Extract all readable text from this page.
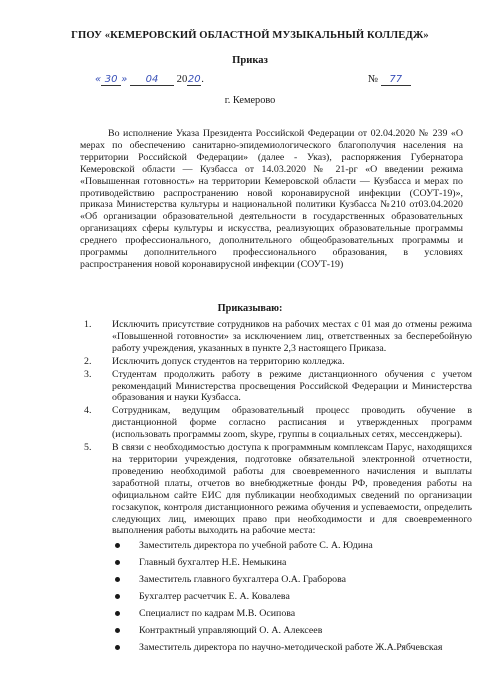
ГПОУ «КЕМЕРОВСКИЙ ОБЛАСТНОЙ МУЗЫКАЛЬНЫЙ КОЛЛЕДЖ»
Приказ
« 30 » 04 2020.	№ 77
г. Кемерово

Во исполнение Указа Президента Российской Федерации от 02.04.2020 № 239 «О мерах по обеспечению санитарно-эпидемиологического благополучия населения на территории Российской Федерации» (далее - Указ), распоряжения Губернатора Кемеровской области — Кузбасса от 14.03.2020 № 21-рг «О введении режима «Повышенная готовность» на территории Кемеровской области — Кузбасса и мерах по противодействию распространению новой коронавирусной инфекции (СОУТ-19)», приказа Министерства культуры и национальной политики Кузбасса №210 от03.04.2020 «Об организации образовательной деятельности в государственных образовательных организациях сферы культуры и искусства, реализующих образовательные программы среднего профессионального, дополнительного общеобразовательных программы и программы дополнительного профессионального образования, в условиях распространения новой коронавирусной инфекции (СОУТ-19)

Приказываю:
1. Исключить присутствие сотрудников на рабочих местах с 01 мая до отмены режима «Повышенной готовности» за исключением лиц, ответственных за бесперебойную работу учреждения, указанных в пункте 2,3 настоящего Приказа.
2. Исключить допуск студентов на территорию колледжа.
3. Студентам продолжить работу в режиме дистанционного обучения с учетом рекомендаций Министерства просвещения Российской Федерации и Министерства образования и науки Кузбасса.
4. Сотрудникам, ведущим образовательный процесс проводить обучение в дистанционной форме согласно расписания и утвержденных программ (использовать программы zoom, skype, группы в социальных сетях, мессенджеры).
5. В связи с необходимостью доступа к программным комплексам Парус, находящихся на территории учреждения, подготовке обязательной электронной отчетности, проведению необходимой работы для своевременного начисления и выплаты заработной платы, отчетов во внебюджетные фонды РФ, проведения работы на официальном сайте ЕИС для публикации необходимых сведений по организации госзакупок, контроля дистанционного режима обучения и успеваемости, определить следующих лиц, имеющих право при необходимости и для своевременного выполнения работы выходить на рабочие места:
Заместитель директора по учебной работе С. А. Юдина
Главный бухгалтер Н.Е. Немыкина
Заместитель главного бухгалтера О.А. Граборова
Бухгалтер расчетчик Е. А. Ковалева
Специалист по кадрам М.В. Осипова
Контрактный управляющий О. А. Алексеев
Заместитель директора по научно-методической работе Ж.А.Рябчевская
